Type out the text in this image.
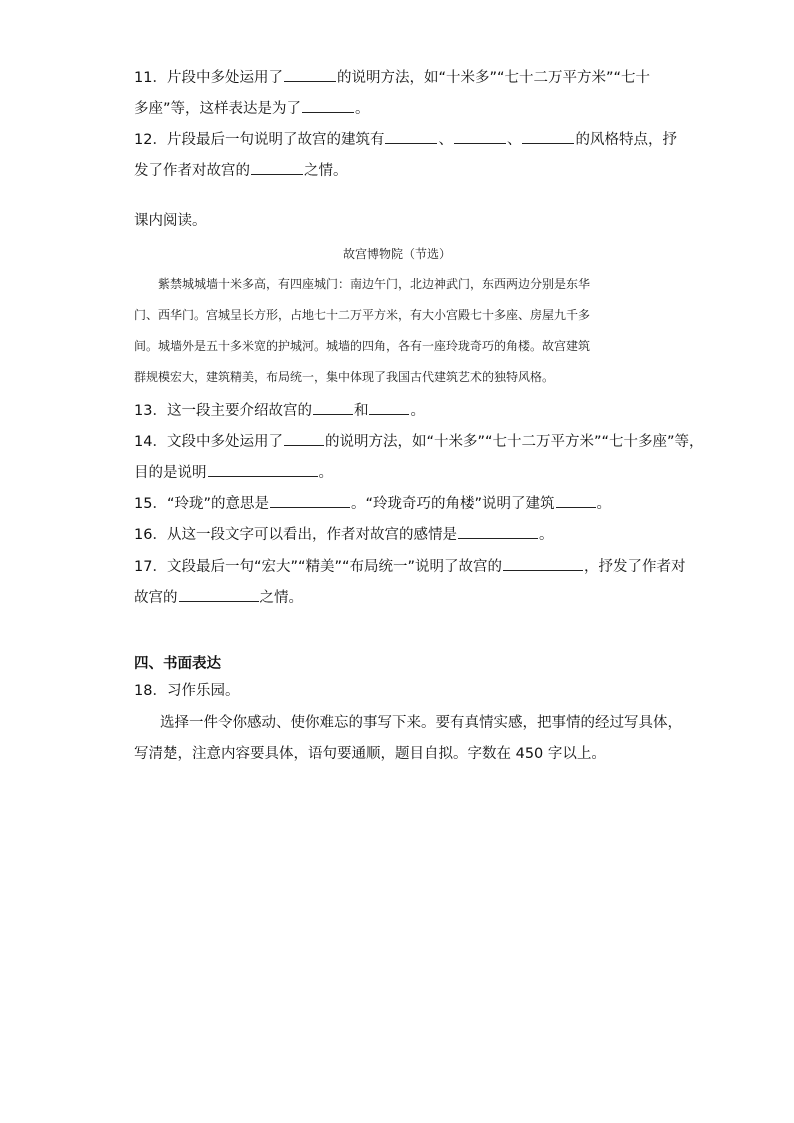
11．片段中多处运用了	的说明方法，如“十米多”“七十二万平方米”“七十
多座”等，这样表达是为了	。
12．片段最后一句说明了故宫的建筑有	、	、	的风格特点，抒
发了作者对故宫的	之情。
课内阅读。
故宫博物院（节选）
紫禁城城墙十米多高，有四座城门：南边午门，北边神武门，东西两边分别是东华
门、西华门。宫城呈长方形，占地七十二万平方米，有大小宫殿七十多座、房屋九千多
间。城墙外是五十多米宽的护城河。城墙的四角，各有一座玲珑奇巧的角楼。故宫建筑
群规模宏大，建筑精美，布局统一，集中体现了我国古代建筑艺术的独特风格。
13．这一段主要介绍故宫的	和	。
14．文段中多处运用了	的说明方法，如“十米多”“七十二万平方米”“七十多座”等，
目的是说明	。
15．“玲珑”的意思是	。“玲珑奇巧的角楼”说明了建筑	。
16．从这一段文字可以看出，作者对故宫的感情是	。
17．文段最后一句“宏大”“精美”“布局统一”说明了故宫的	，抒发了作者对
故宫的	之情。
四、书面表达
18．习作乐园。
选择一件令你感动、使你难忘的事写下来。要有真情实感，把事情的经过写具体，
写清楚，注意内容要具体，语句要通顺，题目自拟。字数在 450 字以上。
